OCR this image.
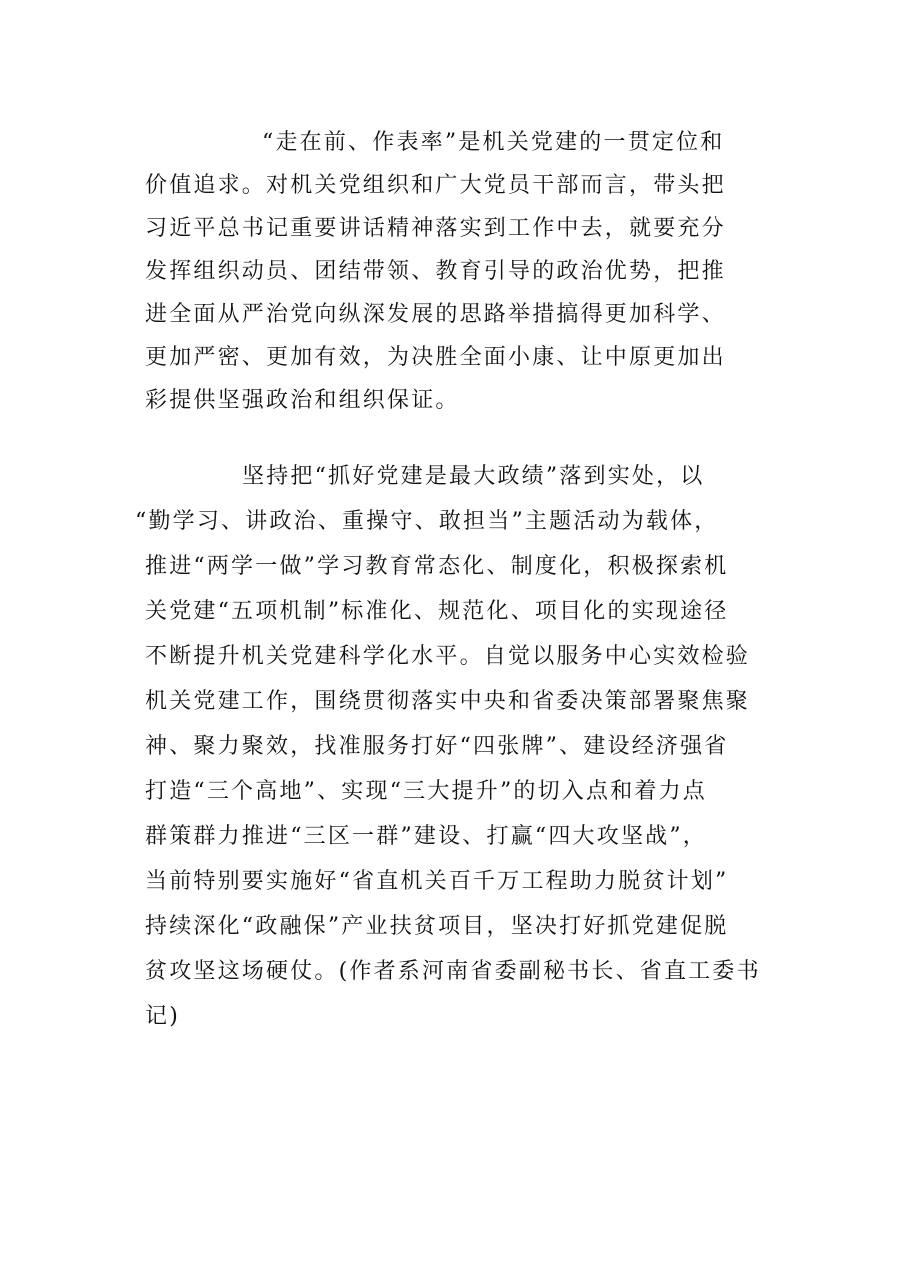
“走在前、作表率”是机关党建的一贯定位和
价值追求。对机关党组织和广大党员干部而言，带头把
习近平总书记重要讲话精神落实到工作中去，就要充分
发挥组织动员、团结带领、教育引导的政治优势，把推
进全面从严治党向纵深发展的思路举措搞得更加科学、
更加严密、更加有效，为决胜全面小康、让中原更加出
彩提供坚强政治和组织保证。
坚持把“抓好党建是最大政绩”落到实处，以
“勤学习、讲政治、重操守、敢担当”主题活动为载体，
推进“两学一做”学习教育常态化、制度化，积极探索机
关党建“五项机制”标准化、规范化、项目化的实现途径
不断提升机关党建科学化水平。自觉以服务中心实效检验
机关党建工作，围绕贯彻落实中央和省委决策部署聚焦聚
神、聚力聚效，找准服务打好“四张牌”、建设经济强省
打造“三个高地”、实现“三大提升”的切入点和着力点
群策群力推进“三区一群”建设、打赢“四大攻坚战”，
当前特别要实施好“省直机关百千万工程助力脱贫计划”
持续深化“政融保”产业扶贫项目，坚决打好抓党建促脱
贫攻坚这场硬仗。(作者系河南省委副秘书长、省直工委书
记)
